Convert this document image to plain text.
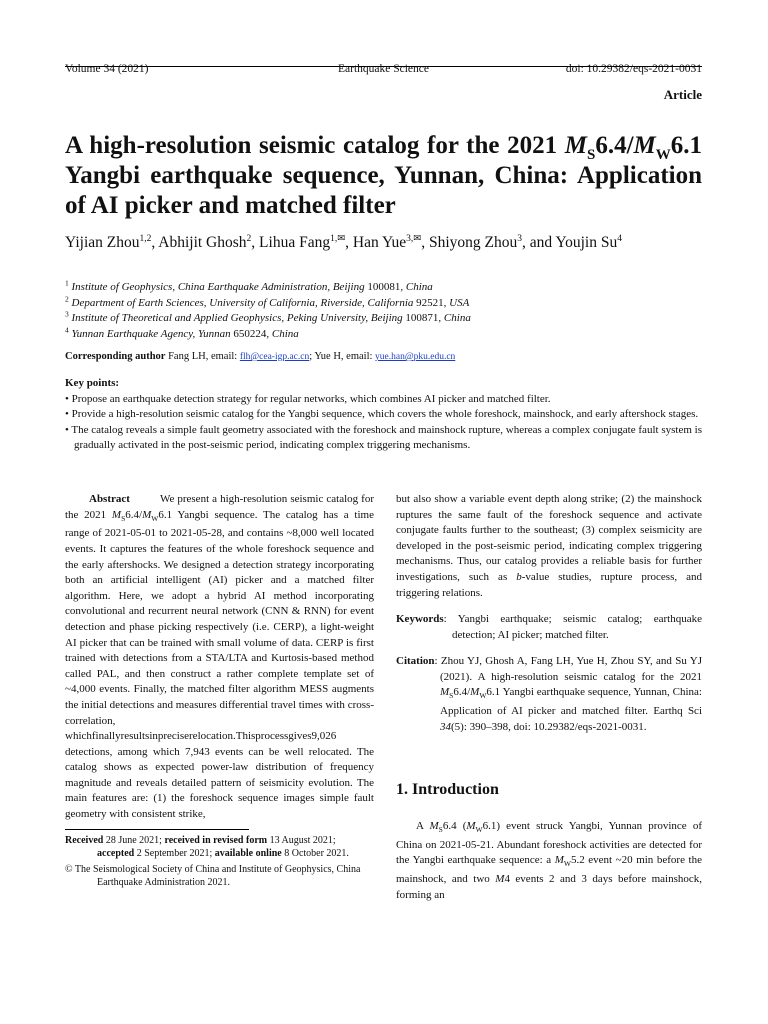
Volume 34 (2021)	Earthquake Science	doi: 10.29382/eqs-2021-0031
Article
A high-resolution seismic catalog for the 2021 $M_S6.4/M_W6.1$ Yangbi earthquake sequence, Yunnan, China: Application of AI picker and matched filter

Yijian Zhou$^{1,2}$, Abhijit Ghosh$^2$, Lihua Fang$^{1,✉}$, Han Yue$^{3,✉}$, Shiyong Zhou$^3$, and Youjin Su$^4$

$^1$ Institute of Geophysics, China Earthquake Administration, Beijing 100081, China
$^2$ Department of Earth Sciences, University of California, Riverside, California 92521, USA
$^3$ Institute of Theoretical and Applied Geophysics, Peking University, Beijing 100871, China
$^4$ Yunnan Earthquake Agency, Yunnan 650224, China
Corresponding author Fang LH, email: flh@cea-igp.ac.cn; Yue H, email: yue.han@pku.edu.cn
Key points:
• Propose an earthquake detection strategy for regular networks, which combines AI picker and matched filter.
• Provide a high-resolution seismic catalog for the Yangbi sequence, which covers the whole foreshock, mainshock, and early aftershock stages.
• The catalog reveals a simple fault geometry associated with the foreshock and mainshock rupture, whereas a complex conjugate fault system is gradually activated in the post-seismic period, indicating complex triggering mechanisms.

Abstract	We present a high-resolution seismic catalog for the 2021 $M_S6.4/M_W6.1$ Yangbi sequence. The catalog has a time range of 2021-05-01 to 2021-05-28, and contains ~8,000 well located events. It captures the features of the whole foreshock sequence and the early aftershocks. We designed a detection strategy incorporating both an artificial intelligent (AI) picker and a matched filter algorithm. Here, we adopt a hybrid AI method incorporating convolutional and recurrent neural network (CNN & RNN) for event detection and phase picking respectively (i.e. CERP), a light-weight AI picker that can be trained with small volume of data. CERP is first trained with detections from a STA/LTA and Kurtosis-based method called PAL, and then construct a rather complete template set of ~4,000 events. Finally, the matched filter algorithm MESS augments the initial detections and measures differential travel times with cross-correlation, whichfinallyresultsinpreciserelocation.Thisprocessgives9,026 detections, among which 7,943 events can be well relocated. The catalog shows as expected power-law distribution of frequency magnitude and reveals detailed pattern of seismicity evolution. The main features are: (1) the foreshock sequence images simple fault geometry with consistent strike,

Received 28 June 2021; received in revised form 13 August 2021; accepted 2 September 2021; available online 8 October 2021.
© The Seismological Society of China and Institute of Geophysics, China Earthquake Administration 2021.

but also show a variable event depth along strike; (2) the mainshock ruptures the same fault of the foreshock sequence and activate conjugate faults further to the southeast; (3) complex seismicity are developed in the post-seismic period, indicating complex triggering mechanisms. Thus, our catalog provides a reliable basis for further investigations, such as b-value studies, rupture process, and triggering relations.

Keywords: Yangbi earthquake; seismic catalog; earthquake detection; AI picker; matched filter.
Citation: Zhou YJ, Ghosh A, Fang LH, Yue H, Zhou SY, and Su YJ (2021). A high-resolution seismic catalog for the 2021 $M_S6.4/M_W6.1$ Yangbi earthquake sequence, Yunnan, China: Application of AI picker and matched filter. Earthq Sci 34(5): 390–398, doi: 10.29382/eqs-2021-0031.
1. Introduction

A $M_S6.4$ $(M_W6.1)$ event struck Yangbi, Yunnan province of China on 2021-05-21. Abundant foreshock activities are detected for the Yangbi earthquake sequence: a $M_W5.2$ event ~20 min before the mainshock, and two M4 events 2 and 3 days before mainshock, forming an
